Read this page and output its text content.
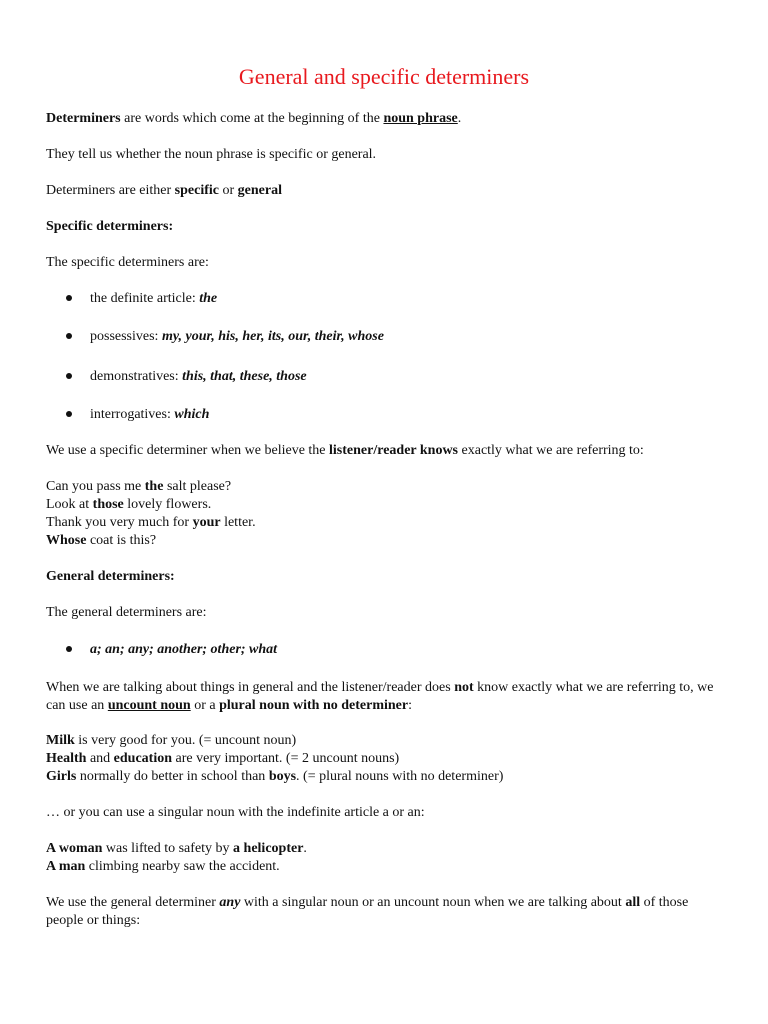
General and specific determiners

Determiners are words which come at the beginning of the noun phrase.

They tell us whether the noun phrase is specific or general.

Determiners are either specific or general

Specific determiners:

The specific determiners are:

the definite article: the

possessives: my, your, his, her, its, our, their, whose

demonstratives: this, that, these, those

interrogatives: which

We use a specific determiner when we believe the listener/reader knows exactly what we are referring to:

Can you pass me the salt please?

Look at those lovely flowers.

Thank you very much for your letter.

Whose coat is this?

General determiners:

The general determiners are:

a; an; any; another; other; what

When we are talking about things in general and the listener/reader does not know exactly what we are referring to, we can use an uncount noun or a plural noun with no determiner:

Milk is very good for you. (= uncount noun)

Health and education are very important. (= 2 uncount nouns)

Girls normally do better in school than boys. (= plural nouns with no determiner)

… or you can use a singular noun with the indefinite article a or an:

A woman was lifted to safety by a helicopter.

A man climbing nearby saw the accident.

We use the general determiner any with a singular noun or an uncount noun when we are talking about all of those people or things:
